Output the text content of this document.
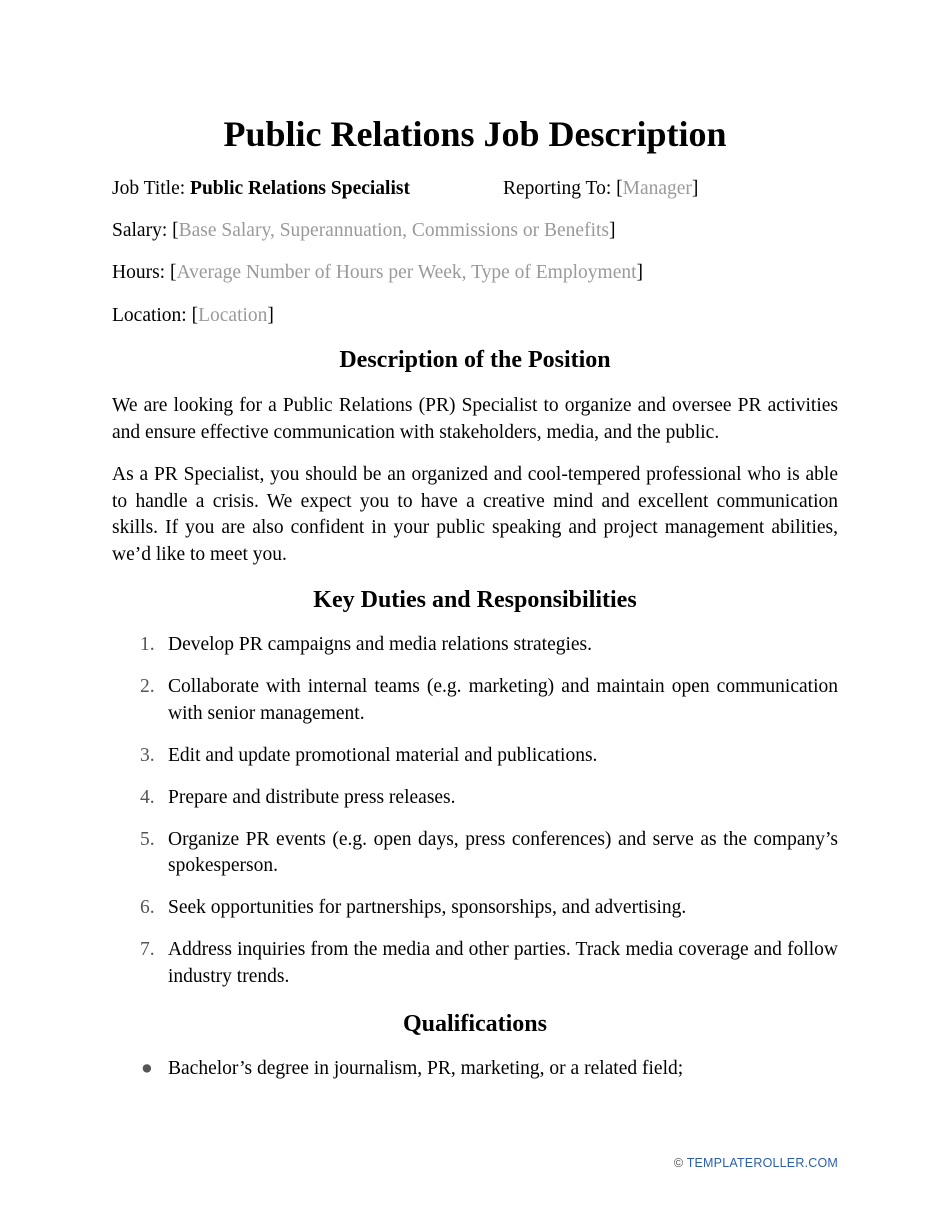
Public Relations Job Description
Job Title: Public Relations Specialist	Reporting To: [Manager]
Salary: [Base Salary, Superannuation, Commissions or Benefits]
Hours: [Average Number of Hours per Week, Type of Employment]
Location: [Location]
Description of the Position

We are looking for a Public Relations (PR) Specialist to organize and oversee PR activities and ensure effective communication with stakeholders, media, and the public.

As a PR Specialist, you should be an organized and cool-tempered professional who is able to handle a crisis. We expect you to have a creative mind and excellent communication skills. If you are also confident in your public speaking and project management abilities, we’d like to meet you.

Key Duties and Responsibilities
1. Develop PR campaigns and media relations strategies.
2. Collaborate with internal teams (e.g. marketing) and maintain open communication with senior management.
3. Edit and update promotional material and publications.
4. Prepare and distribute press releases.
5. Organize PR events (e.g. open days, press conferences) and serve as the company’s spokesperson.
6. Seek opportunities for partnerships, sponsorships, and advertising.
7. Address inquiries from the media and other parties. Track media coverage and follow industry trends.
Qualifications
● Bachelor’s degree in journalism, PR, marketing, or a related field;
© TEMPLATEROLLER.COM
